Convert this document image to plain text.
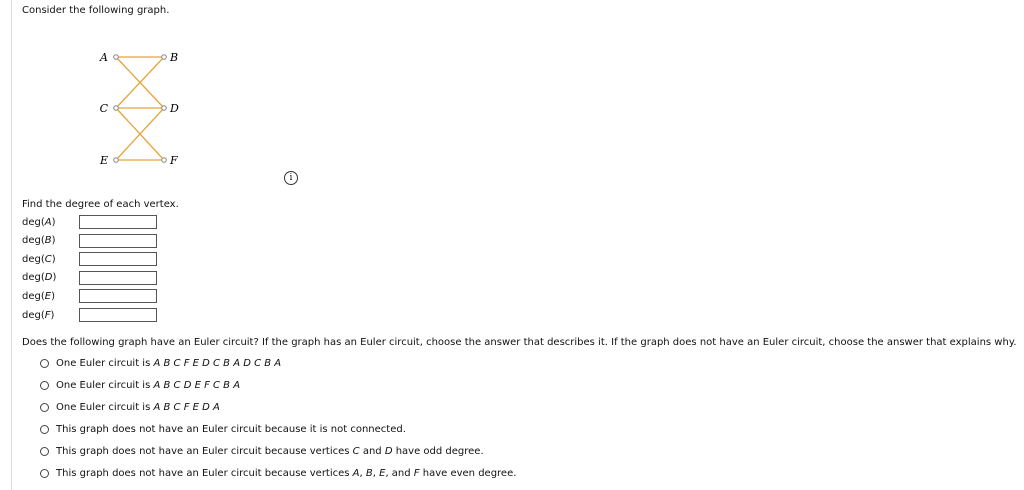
Consider the following graph.
A	B
C	D
E	F
i
Find the degree of each vertex.
deg(A)
deg(B)
deg(C)
deg(D)
deg(E)
deg(F)
Does the following graph have an Euler circuit? If the graph has an Euler circuit, choose the answer that describes it. If the graph does not have an Euler circuit, choose the answer that explains why.
One Euler circuit is A B C F E D C B A D C B A
One Euler circuit is A B C D E F C B A
One Euler circuit is A B C F E D A
This graph does not have an Euler circuit because it is not connected.
This graph does not have an Euler circuit because vertices C and D have odd degree.
This graph does not have an Euler circuit because vertices A, B, E, and F have even degree.
